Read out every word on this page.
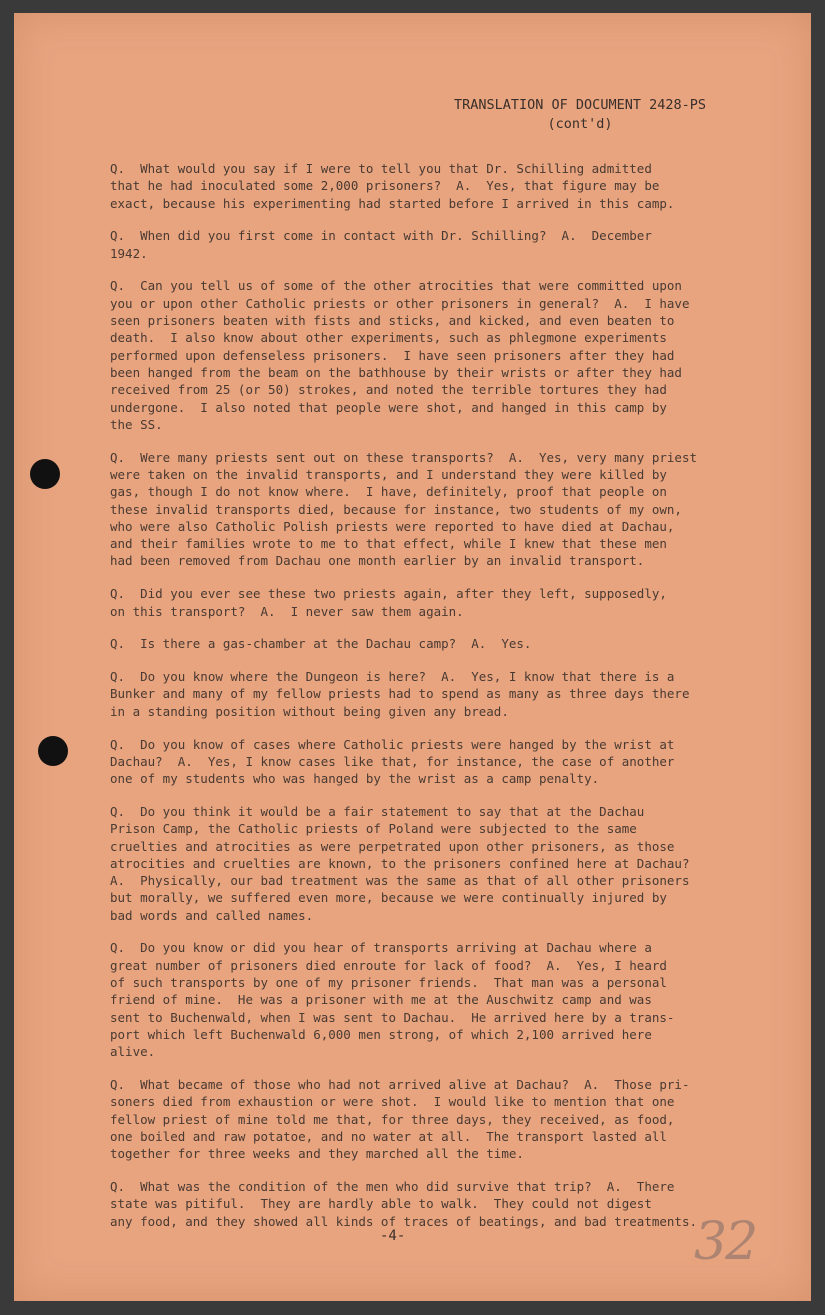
TRANSLATION OF DOCUMENT 2428-PS
(cont'd)

Q.  What would you say if I were to tell you that Dr. Schilling admitted
that he had inoculated some 2,000 prisoners?  A.  Yes, that figure may be
exact, because his experimenting had started before I arrived in this camp.

Q.  When did you first come in contact with Dr. Schilling?  A.  December
1942.

Q.  Can you tell us of some of the other atrocities that were committed upon
you or upon other Catholic priests or other prisoners in general?  A.  I have
seen prisoners beaten with fists and sticks, and kicked, and even beaten to
death.  I also know about other experiments, such as phlegmone experiments
performed upon defenseless prisoners.  I have seen prisoners after they had
been hanged from the beam on the bathhouse by their wrists or after they had
received from 25 (or 50) strokes, and noted the terrible tortures they had
undergone.  I also noted that people were shot, and hanged in this camp by
the SS.

Q.  Were many priests sent out on these transports?  A.  Yes, very many priest
were taken on the invalid transports, and I understand they were killed by
gas, though I do not know where.  I have, definitely, proof that people on
these invalid transports died, because for instance, two students of my own,
who were also Catholic Polish priests were reported to have died at Dachau,
and their families wrote to me to that effect, while I knew that these men
had been removed from Dachau one month earlier by an invalid transport.

Q.  Did you ever see these two priests again, after they left, supposedly,
on this transport?  A.  I never saw them again.

Q.  Is there a gas-chamber at the Dachau camp?  A.  Yes.

Q.  Do you know where the Dungeon is here?  A.  Yes, I know that there is a
Bunker and many of my fellow priests had to spend as many as three days there
in a standing position without being given any bread.

Q.  Do you know of cases where Catholic priests were hanged by the wrist at
Dachau?  A.  Yes, I know cases like that, for instance, the case of another
one of my students who was hanged by the wrist as a camp penalty.

Q.  Do you think it would be a fair statement to say that at the Dachau
Prison Camp, the Catholic priests of Poland were subjected to the same
cruelties and atrocities as were perpetrated upon other prisoners, as those
atrocities and cruelties are known, to the prisoners confined here at Dachau?
A.  Physically, our bad treatment was the same as that of all other prisoners
but morally, we suffered even more, because we were continually injured by
bad words and called names.

Q.  Do you know or did you hear of transports arriving at Dachau where a
great number of prisoners died enroute for lack of food?  A.  Yes, I heard
of such transports by one of my prisoner friends.  That man was a personal
friend of mine.  He was a prisoner with me at the Auschwitz camp and was
sent to Buchenwald, when I was sent to Dachau.  He arrived here by a trans-
port which left Buchenwald 6,000 men strong, of which 2,100 arrived here
alive.

Q.  What became of those who had not arrived alive at Dachau?  A.  Those pri-
soners died from exhaustion or were shot.  I would like to mention that one
fellow priest of mine told me that, for three days, they received, as food,
one boiled and raw potatoe, and no water at all.  The transport lasted all
together for three weeks and they marched all the time.

Q.  What was the condition of the men who did survive that trip?  A.  There
state was pitiful.  They are hardly able to walk.  They could not digest
any food, and they showed all kinds of traces of beatings, and bad treatments.

-4-	32
